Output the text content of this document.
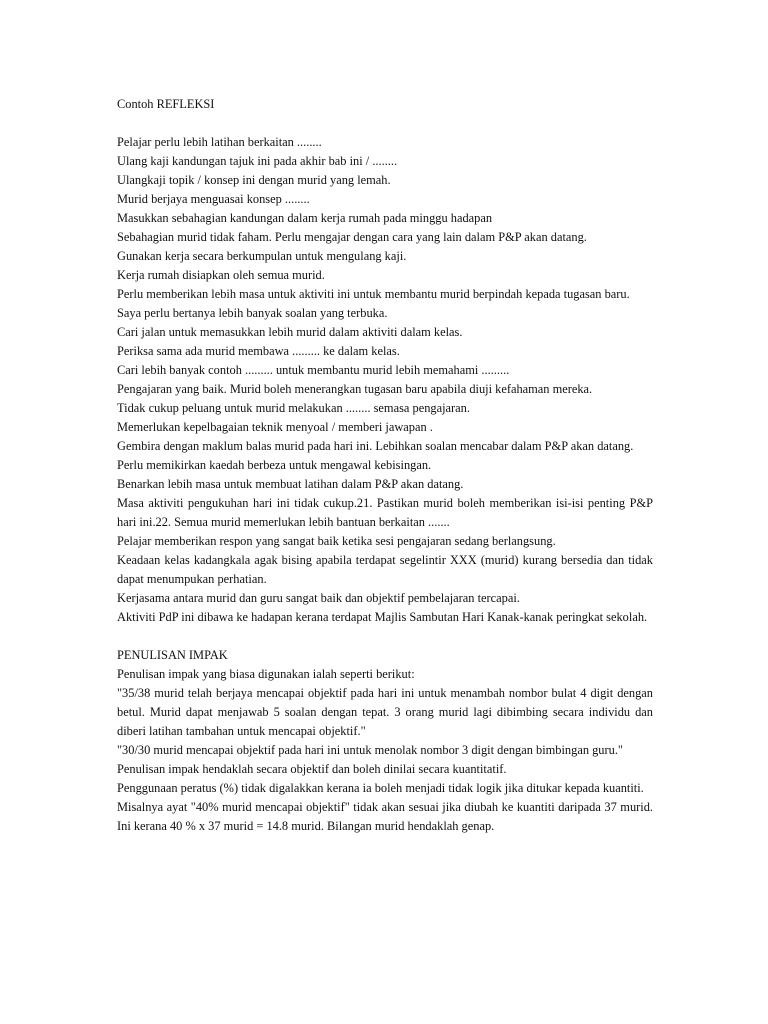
Contoh REFLEKSI

Pelajar perlu lebih latihan berkaitan ........

Ulang kaji kandungan tajuk ini pada akhir bab ini / ........

Ulangkaji topik / konsep ini dengan murid yang lemah.

Murid berjaya menguasai konsep ........

Masukkan sebahagian kandungan dalam kerja rumah pada minggu hadapan

Sebahagian murid tidak faham. Perlu mengajar dengan cara yang lain dalam P&P akan datang.

Gunakan kerja secara berkumpulan untuk mengulang kaji.

Kerja rumah disiapkan oleh semua murid.

Perlu memberikan lebih masa untuk aktiviti ini untuk membantu murid berpindah kepada tugasan baru.

Saya perlu bertanya lebih banyak soalan yang terbuka.

Cari jalan untuk memasukkan lebih murid dalam aktiviti dalam kelas.

Periksa sama ada murid membawa ......... ke dalam kelas.

Cari lebih banyak contoh ......... untuk membantu murid lebih memahami .........

Pengajaran yang baik. Murid boleh menerangkan tugasan baru apabila diuji kefahaman mereka.

Tidak cukup peluang untuk murid melakukan ........ semasa pengajaran.

Memerlukan kepelbagaian teknik menyoal / memberi jawapan .

Gembira dengan maklum balas murid pada hari ini. Lebihkan soalan mencabar dalam P&P akan datang.

Perlu memikirkan kaedah berbeza untuk mengawal kebisingan.

Benarkan lebih masa untuk membuat latihan dalam P&P akan datang.

Masa aktiviti pengukuhan hari ini tidak cukup.21. Pastikan murid boleh memberikan isi-isi penting P&P hari ini.22. Semua murid memerlukan lebih bantuan berkaitan .......

Pelajar memberikan respon yang sangat baik ketika sesi pengajaran sedang berlangsung.

Keadaan kelas kadangkala agak bising apabila terdapat segelintir XXX (murid) kurang bersedia dan tidak dapat menumpukan perhatian.

Kerjasama antara murid dan guru sangat baik dan objektif pembelajaran tercapai.

Aktiviti PdP ini dibawa ke hadapan kerana terdapat Majlis Sambutan Hari Kanak-kanak peringkat sekolah.

PENULISAN IMPAK

Penulisan impak yang biasa digunakan ialah seperti berikut:

"35/38 murid telah berjaya mencapai objektif pada hari ini untuk menambah nombor bulat 4 digit dengan betul. Murid dapat menjawab 5 soalan dengan tepat. 3 orang murid lagi dibimbing secara individu dan diberi latihan tambahan untuk mencapai objektif."

"30/30 murid mencapai objektif pada hari ini untuk menolak nombor 3 digit dengan bimbingan guru."

Penulisan impak hendaklah secara objektif dan boleh dinilai secara kuantitatif.

Penggunaan peratus (%) tidak digalakkan kerana ia boleh menjadi tidak logik jika ditukar kepada kuantiti.

Misalnya ayat "40% murid mencapai objektif" tidak akan sesuai jika diubah ke kuantiti daripada 37 murid. Ini kerana 40 % x 37 murid = 14.8 murid. Bilangan murid hendaklah genap.
